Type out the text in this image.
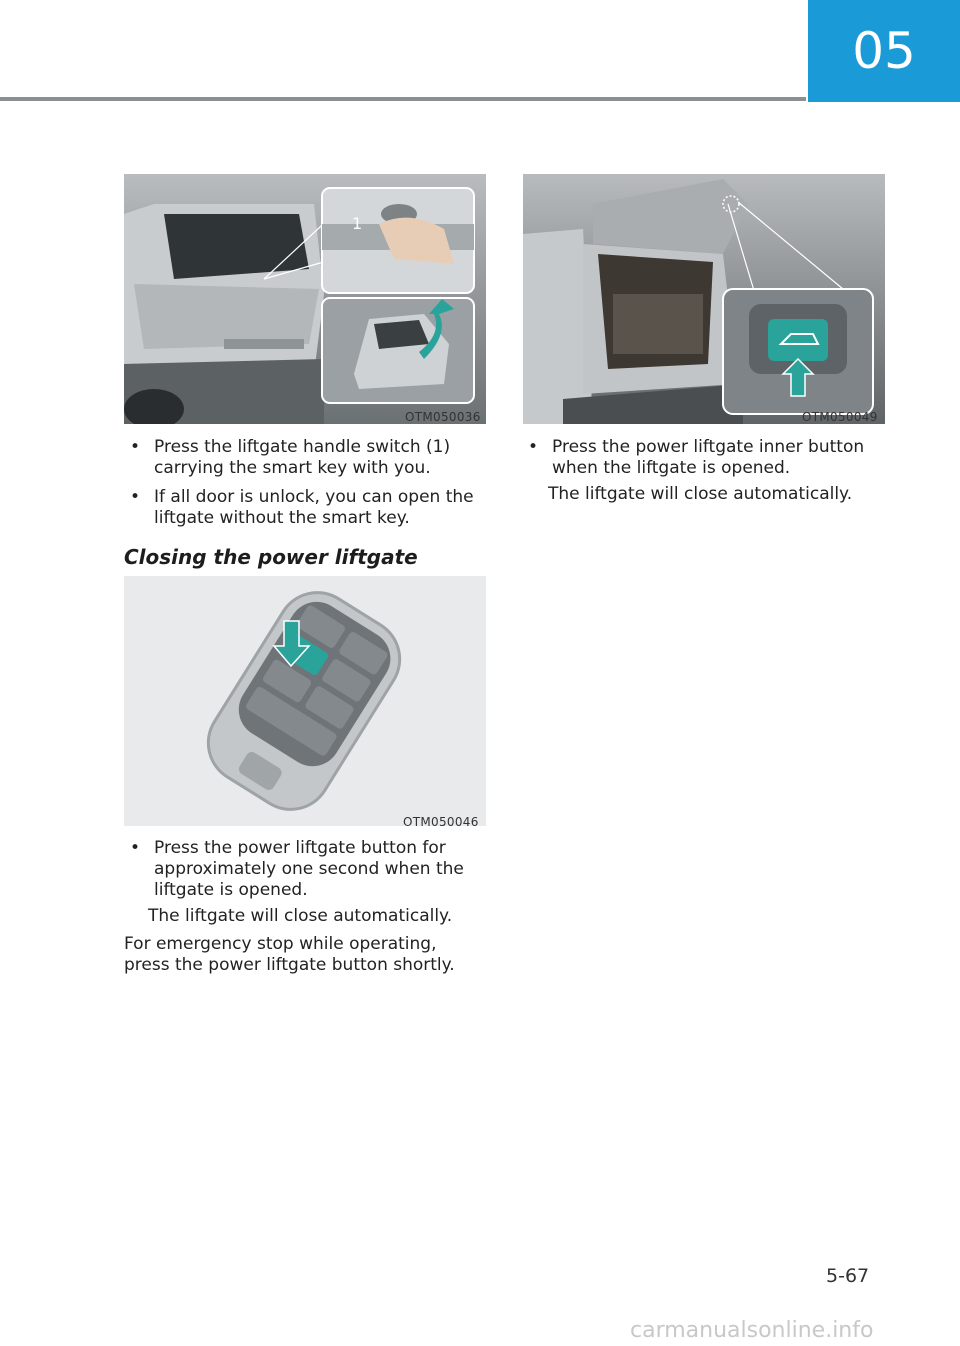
05
1
OTM050036
• Press the liftgate handle switch (1) carrying the smart key with you.
• If all door is unlock, you can open the liftgate without the smart key.
Closing the power liftgate
OTM050046
• Press the power liftgate button for approximately one second when the liftgate is opened.
The liftgate will close automatically.
For emergency stop while operating, press the power liftgate button shortly.
OTM050049
• Press the power liftgate inner button when the liftgate is opened.
The liftgate will close automatically.
5-67
carmanualsonline.info
